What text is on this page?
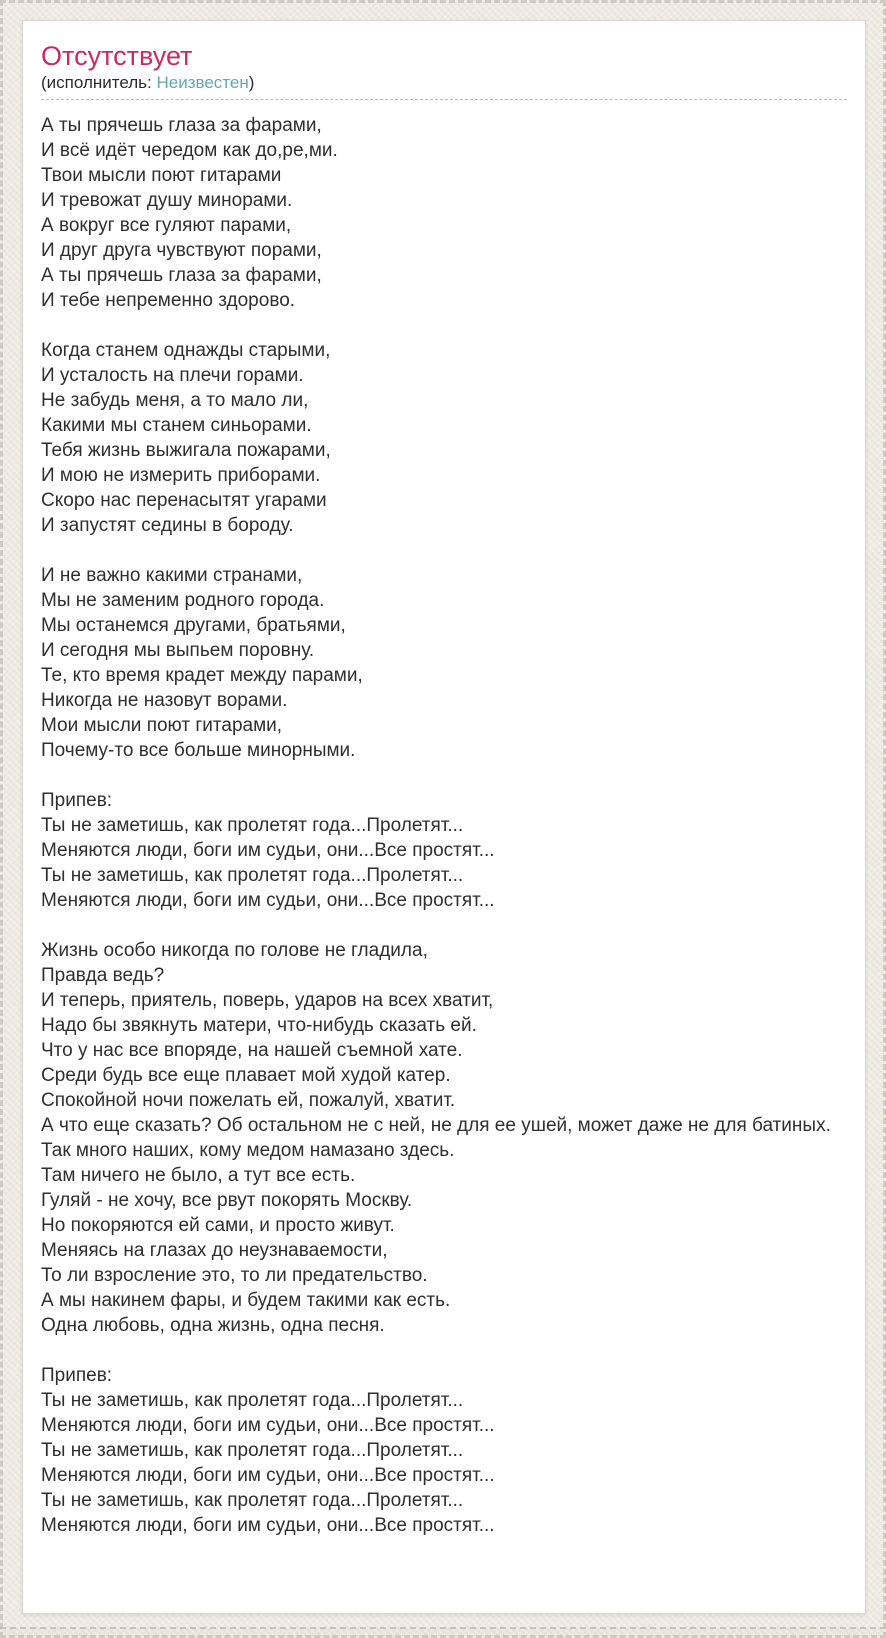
Отсутствует
(исполнитель: Неизвестен)
А ты прячешь глаза за фарами,
И всё идёт чередом как до,ре,ми.
Твои мысли поют гитарами
И тревожат душу минорами.
А вокруг все гуляют парами,
И друг друга чувствуют порами,
А ты прячешь глаза за фарами,
И тебе непременно здорово.
Когда станем однажды старыми,
И усталость на плечи горами.
Не забудь меня, а то мало ли,
Какими мы станем синьорами.
Тебя жизнь выжигала пожарами,
И мою не измерить приборами.
Скоро нас перенасытят угарами
И запустят седины в бороду.
И не важно какими странами,
Мы не заменим родного города.
Мы останемся другами, братьями,
И сегодня мы выпьем поровну.
Те, кто время крадет между парами,
Никогда не назовут ворами.
Мои мысли поют гитарами,
Почему-то все больше минорными.
Припев:
Ты не заметишь, как пролетят года...Пролетят...
Меняются люди, боги им судьи, они...Все простят...
Ты не заметишь, как пролетят года...Пролетят...
Меняются люди, боги им судьи, они...Все простят...
Жизнь особо никогда по голове не гладила,
Правда ведь?
И теперь, приятель, поверь, ударов на всех хватит,
Надо бы звякнуть матери, что-нибудь сказать ей.
Что у нас все впоряде, на нашей съемной хате.
Среди будь все еще плавает мой худой катер.
Спокойной ночи пожелать ей, пожалуй, хватит.
А что еще сказать? Об остальном не с ней, не для ее ушей, может даже не для батиных.
Так много наших, кому медом намазано здесь.
Там ничего не было, а тут все есть.
Гуляй - не хочу, все рвут покорять Москву.
Но покоряются ей сами, и просто живут.
Меняясь на глазах до неузнаваемости,
То ли взросление это, то ли предательство.
А мы накинем фары, и будем такими как есть.
Одна любовь, одна жизнь, одна песня.
Припев:
Ты не заметишь, как пролетят года...Пролетят...
Меняются люди, боги им судьи, они...Все простят...
Ты не заметишь, как пролетят года...Пролетят...
Меняются люди, боги им судьи, они...Все простят...
Ты не заметишь, как пролетят года...Пролетят...
Меняются люди, боги им судьи, они...Все простят...
